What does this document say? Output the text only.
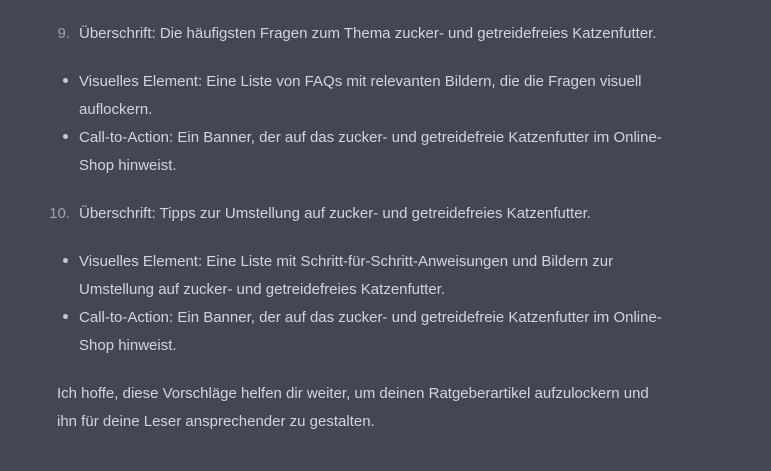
9. Überschrift: Die häufigsten Fragen zum Thema zucker- und getreidefreies Katzenfutter.
Visuelles Element: Eine Liste von FAQs mit relevanten Bildern, die die Fragen visuell
auflockern.
Call-to-Action: Ein Banner, der auf das zucker- und getreidefreie Katzenfutter im Online-
Shop hinweist.
10. Überschrift: Tipps zur Umstellung auf zucker- und getreidefreies Katzenfutter.
Visuelles Element: Eine Liste mit Schritt-für-Schritt-Anweisungen und Bildern zur
Umstellung auf zucker- und getreidefreies Katzenfutter.
Call-to-Action: Ein Banner, der auf das zucker- und getreidefreie Katzenfutter im Online-
Shop hinweist.
Ich hoffe, diese Vorschläge helfen dir weiter, um deinen Ratgeberartikel aufzulockern und
ihn für deine Leser ansprechender zu gestalten.
